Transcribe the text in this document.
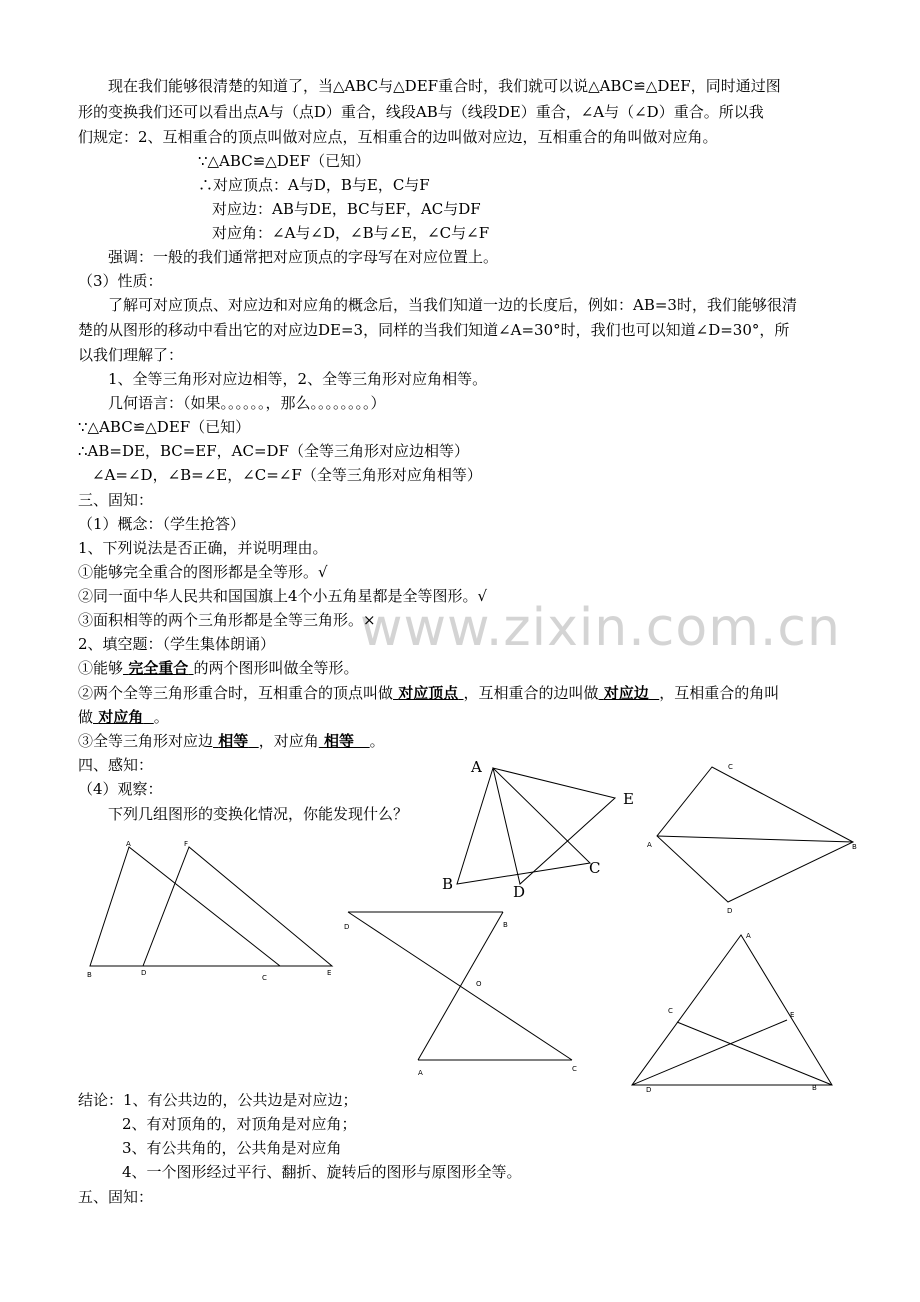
www.zixin.com.cn
现在我们能够很清楚的知道了，当△ABC与△DEF重合时，我们就可以说△ABC≌△DEF，同时通过图
形的变换我们还可以看出点A与（点D）重合，线段AB与（线段DE）重合，∠A与（∠D）重合。所以我
们规定：2、互相重合的顶点叫做对应点，互相重合的边叫做对应边，互相重合的角叫做对应角。
∵△ABC≌△DEF（已知）
∴对应顶点：A与D，B与E，C与F
对应边：AB与DE，BC与EF，AC与DF
对应角：∠A与∠D，∠B与∠E，∠C与∠F
强调：一般的我们通常把对应顶点的字母写在对应位置上。
（3）性质：
了解可对应顶点、对应边和对应角的概念后，当我们知道一边的长度后，例如：AB=3时，我们能够很清
楚的从图形的移动中看出它的对应边DE=3，同样的当我们知道∠A=30°时，我们也可以知道∠D=30°，所
以我们理解了：
1、全等三角形对应边相等，2、全等三角形对应角相等。
几何语言：（如果。。。。。。，那么。。。。。。。。）
∵△ABC≌△DEF（已知）
∴AB=DE，BC=EF，AC=DF（全等三角形对应边相等）
∠A=∠D，∠B=∠E，∠C=∠F（全等三角形对应角相等）
三、固知：
（1）概念：（学生抢答）
1、下列说法是否正确，并说明理由。
①能够完全重合的图形都是全等形。√
②同一面中华人民共和国国旗上4个小五角星都是全等图形。√
③面积相等的两个三角形都是全等三角形。×
2、填空题：（学生集体朗诵）
①能够 完全重合 的两个图形叫做全等形。
②两个全等三角形重合时，互相重合的顶点叫做 对应顶点 ，互相重合的边叫做 对应边 ，互相重合的角叫
做 对应角 。
③全等三角形对应边 相等 ，对应角 相等 。
四、感知：
（4）观察：
下列几组图形的变换化情况，你能发现什么？
A	F
B	D
C
E
A
E
B	D
C
C
A	B
D
D	B
O
A	C
A
C	E
D	B
结论：1、有公共边的，公共边是对应边；
2、有对顶角的，对顶角是对应角；
3、有公共角的，公共角是对应角
4、一个图形经过平行、翻折、旋转后的图形与原图形全等。
五、固知：
